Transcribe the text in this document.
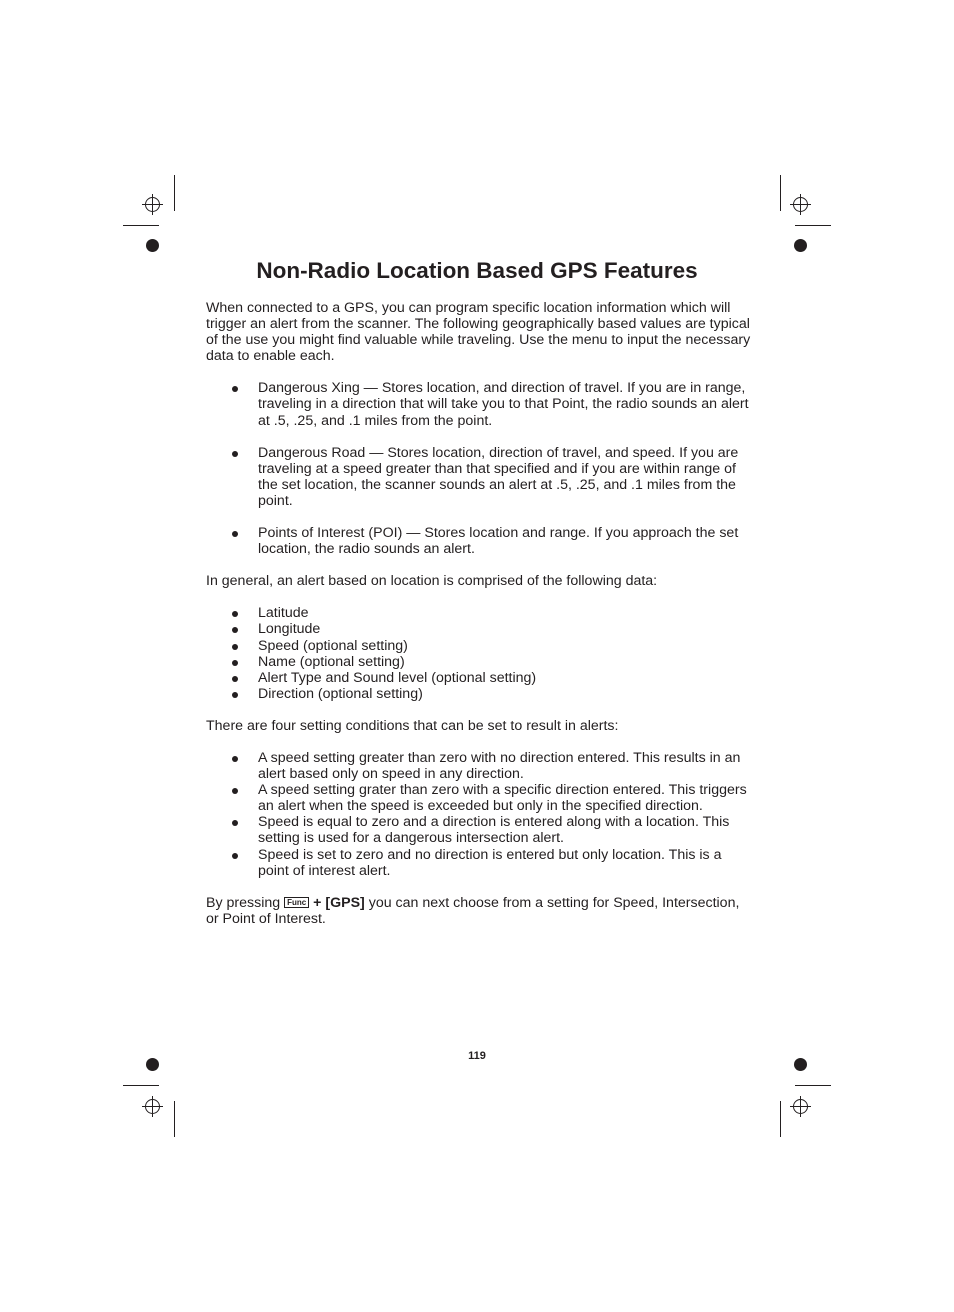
Non-Radio Location Based GPS Features

When connected to a GPS, you can program specific location information which will trigger an alert from the scanner. The following geographically based values are typical of the use you might find valuable while traveling. Use the menu to input the necessary data to enable each.

Dangerous Xing — Stores location, and direction of travel. If you are in range, traveling in a direction that will take you to that Point, the radio sounds an alert at .5, .25, and .1 miles from the point.
Dangerous Road — Stores location, direction of travel, and speed. If you are traveling at a speed greater than that specified and if you are within range of the set location, the scanner sounds an alert at .5, .25, and .1 miles from the point.
Points of Interest (POI) — Stores location and range. If you approach the set location, the radio sounds an alert.

In general, an alert based on location is comprised of the following data:

Latitude
Longitude
Speed (optional setting)
Name (optional setting)
Alert Type and Sound level (optional setting)
Direction (optional setting)

There are four setting conditions that can be set to result in alerts:

A speed setting greater than zero with no direction entered. This results in an alert based only on speed in any direction.
A speed setting grater than zero with a specific direction entered. This triggers an alert when the speed is exceeded but only in the specified direction.
Speed is equal to zero and a direction is entered along with a location. This setting is used for a dangerous intersection alert.
Speed is set to zero and no direction is entered but only location. This is a point of interest alert.

By pressing Func + [GPS] you can next choose from a setting for Speed, Intersection, or Point of Interest.

119
